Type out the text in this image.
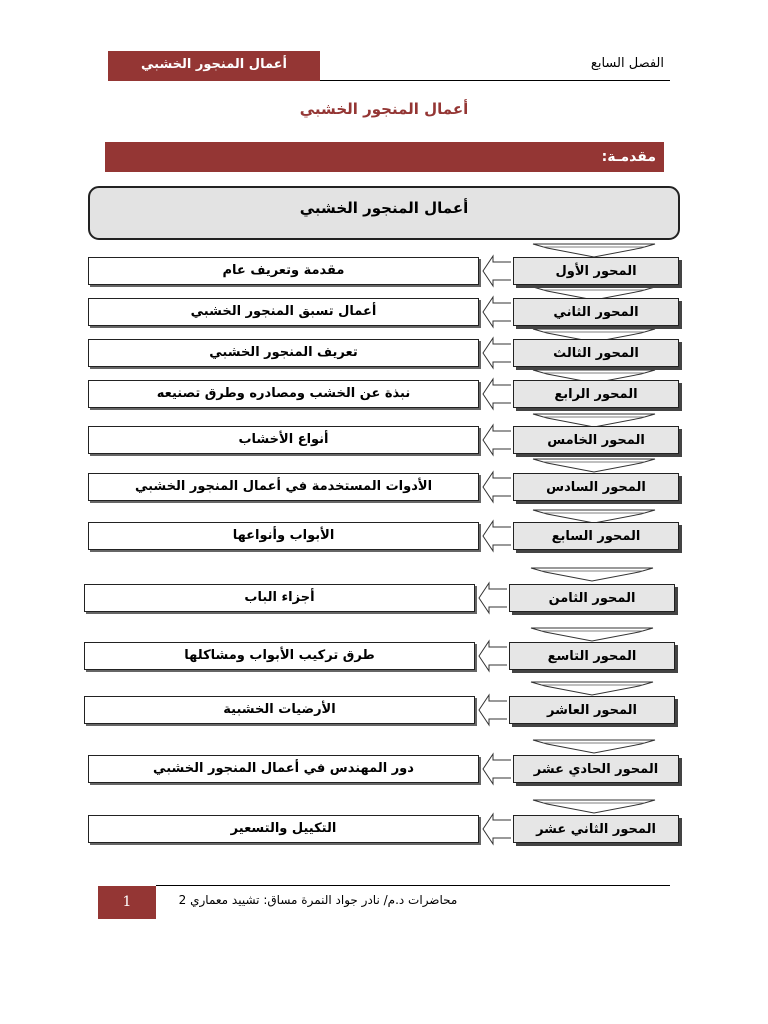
الفصل السابع
أعمال المنجور الخشبي
أعمال المنجور الخشبي
مقدمـة:
أعمال المنجور الخشبي
المحور الأول
مقدمة وتعريف عام
المحور الثاني
أعمال تسبق المنجور الخشبي
المحور الثالث
تعريف المنجور الخشبي
المحور الرابع
نبذة عن الخشب ومصادره وطرق تصنيعه
المحور الخامس
أنواع الأخشاب
المحور السادس
الأدوات المستخدمة في أعمال المنجور الخشبي
المحور السابع
الأبواب وأنواعها
المحور الثامن
أجزاء الباب
المحور التاسع
طرق تركيب الأبواب ومشاكلها
المحور العاشر
الأرضيات الخشبية
المحور الحادي عشر
دور المهندس في أعمال المنجور الخشبي
المحور الثاني عشر
التكييل والتسعير
محاضرات د.م/ نادر جواد النمرة مساق: تشييد معماري 2
1
